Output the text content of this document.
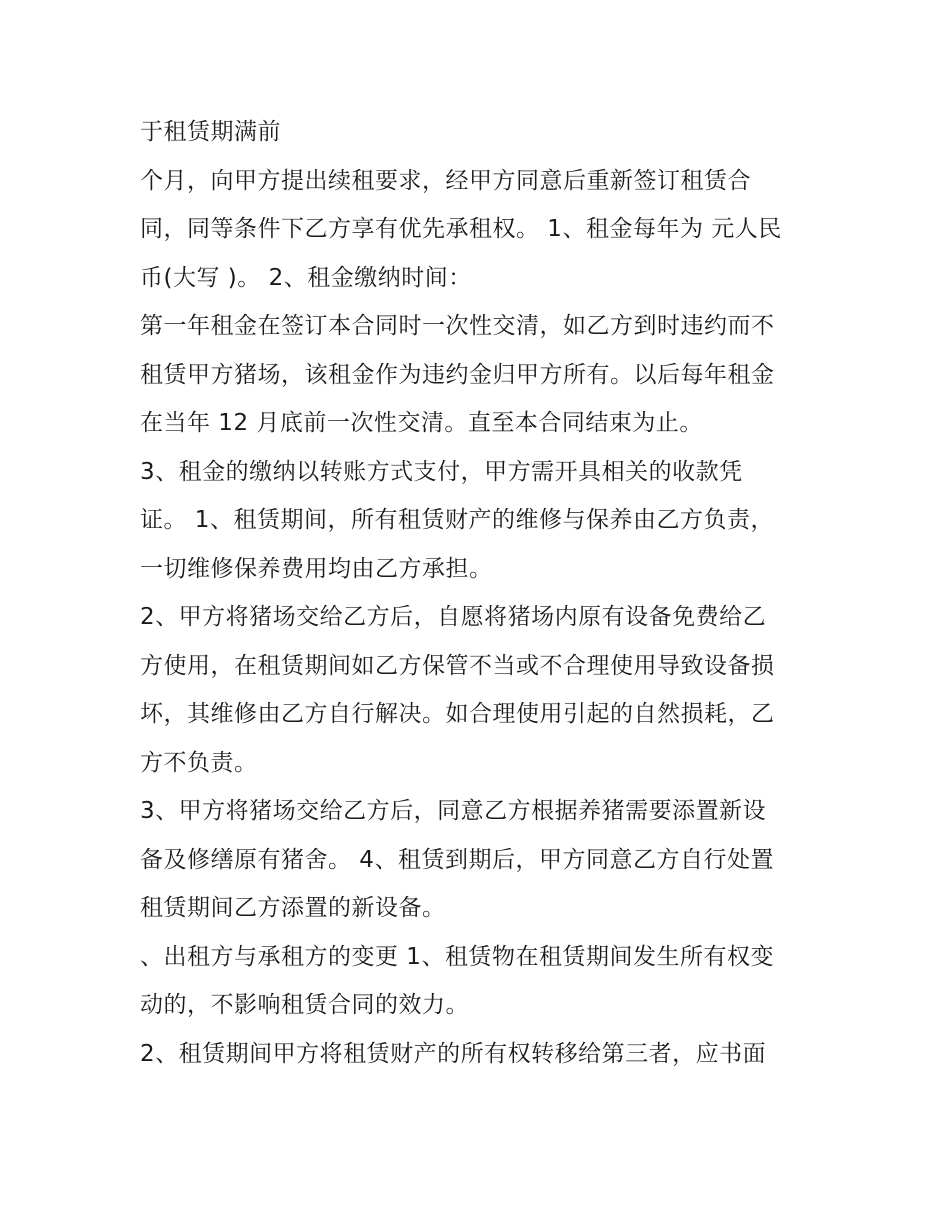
于租赁期满前
个月，向甲方提出续租要求，经甲方同意后重新签订租赁合
同，同等条件下乙方享有优先承租权。 1、租金每年为 元人民
币(大写 )。 2、租金缴纳时间：
第一年租金在签订本合同时一次性交清，如乙方到时违约而不
租赁甲方猪场，该租金作为违约金归甲方所有。以后每年租金
在当年 12 月底前一次性交清。直至本合同结束为止。
3、租金的缴纳以转账方式支付，甲方需开具相关的收款凭
证。 1、租赁期间，所有租赁财产的维修与保养由乙方负责，
一切维修保养费用均由乙方承担。
2、甲方将猪场交给乙方后，自愿将猪场内原有设备免费给乙
方使用，在租赁期间如乙方保管不当或不合理使用导致设备损
坏，其维修由乙方自行解决。如合理使用引起的自然损耗，乙
方不负责。
3、甲方将猪场交给乙方后，同意乙方根据养猪需要添置新设
备及修缮原有猪舍。 4、租赁到期后，甲方同意乙方自行处置
租赁期间乙方添置的新设备。
、出租方与承租方的变更 1、租赁物在租赁期间发生所有权变
动的，不影响租赁合同的效力。
2、租赁期间甲方将租赁财产的所有权转移给第三者，应书面
